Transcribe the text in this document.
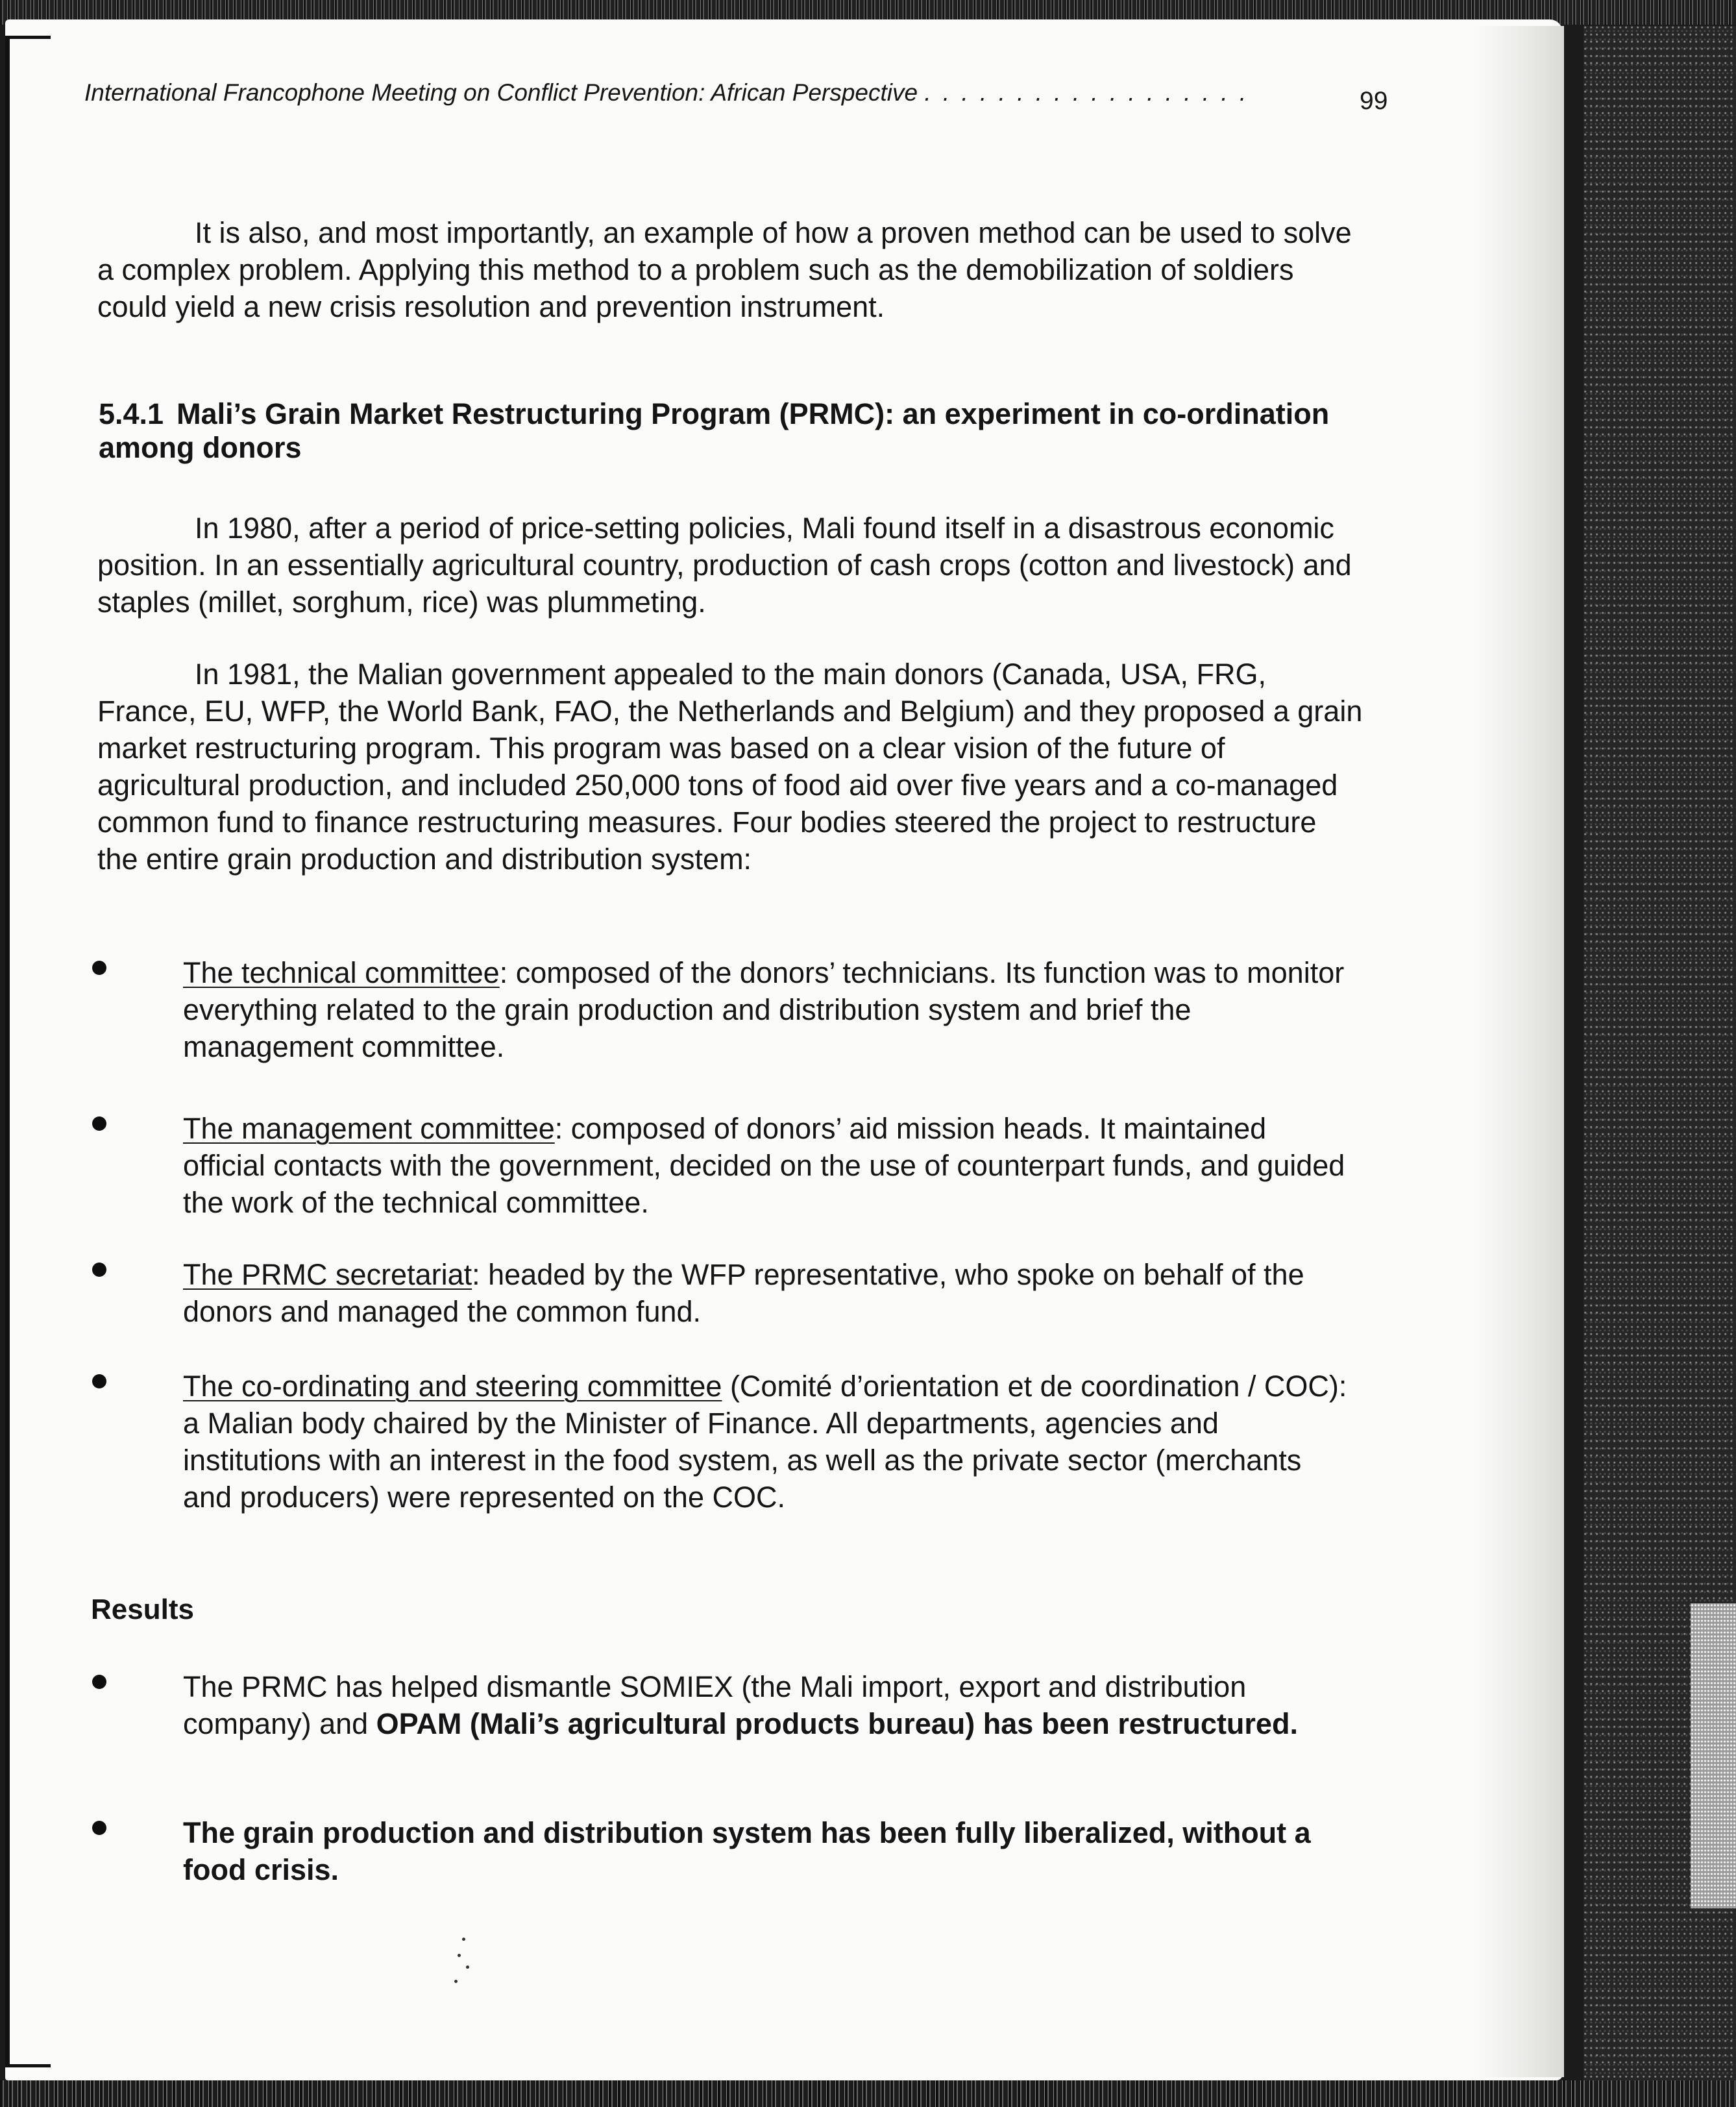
International Francophone Meeting on Conflict Prevention: African Perspective . . . . . . . . . . . . . . . . . .	99
It is also, and most importantly, an example of how a proven method can be used to solve a complex problem. Applying this method to a problem such as the demobilization of soldiers could yield a new crisis resolution and prevention instrument.
5.4.1 Mali’s Grain Market Restructuring Program (PRMC): an experiment in co-ordination among donors
In 1980, after a period of price-setting policies, Mali found itself in a disastrous economic position. In an essentially agricultural country, production of cash crops (cotton and livestock) and staples (millet, sorghum, rice) was plummeting.
In 1981, the Malian government appealed to the main donors (Canada, USA, FRG, France, EU, WFP, the World Bank, FAO, the Netherlands and Belgium) and they proposed a grain market restructuring program. This program was based on a clear vision of the future of agricultural production, and included 250,000 tons of food aid over five years and a co-managed common fund to finance restructuring measures. Four bodies steered the project to restructure the entire grain production and distribution system:
The technical committee: composed of the donors’ technicians. Its function was to monitor everything related to the grain production and distribution system and brief the management committee.
The management committee: composed of donors’ aid mission heads. It maintained official contacts with the government, decided on the use of counterpart funds, and guided the work of the technical committee.
The PRMC secretariat: headed by the WFP representative, who spoke on behalf of the donors and managed the common fund.
The co-ordinating and steering committee (Comité d’orientation et de coordination / COC): a Malian body chaired by the Minister of Finance. All departments, agencies and institutions with an interest in the food system, as well as the private sector (merchants and producers) were represented on the COC.
Results
The PRMC has helped dismantle SOMIEX (the Mali import, export and distribution company) and OPAM (Mali’s agricultural products bureau) has been restructured.
The grain production and distribution system has been fully liberalized, without a food crisis.
